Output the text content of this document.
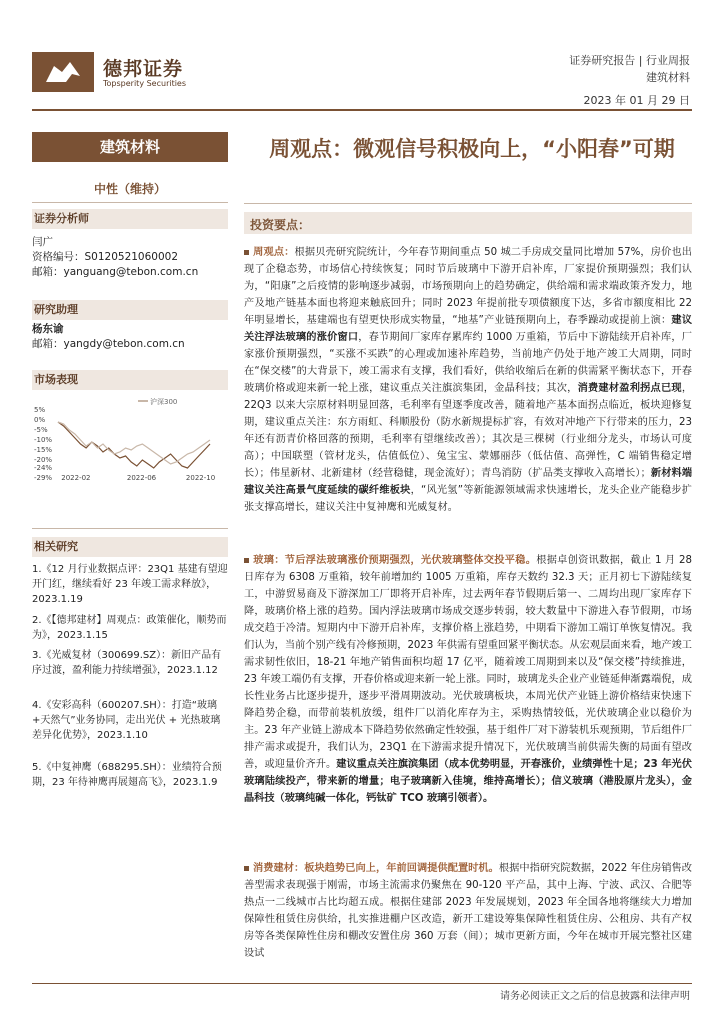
德邦证券
Topsperity Securities
证券研究报告 | 行业周报
建筑材料
2023 年 01 月 29 日
建筑材料
中性（维持）
证券分析师
闫广
资格编号：S0120521060002
邮箱：yanguang@tebon.com.cn
研究助理
杨东谕
邮箱：yangdy@tebon.com.cn
市场表现
5%
0%
-5%
-10%
-15%
-20%
-24%
-29% 2022-02	2022-06	2022-10
沪深300
相关研究
1.《12 月行业数据点评：23Q1 基建有望迎开门红，继续看好 23 年竣工需求释放》，2023.1.19
2.《【德邦建材】周观点：政策催化，顺势而为》，2023.1.15
3.《光威复材（300699.SZ）：新旧产品有序过渡，盈利能力持续增强》，2023.1.12
4.《安彩高科（600207.SH）：打造“玻璃+天然气”业务协同，走出光伏 + 光热玻璃差异化优势》，2023.1.10
5.《中复神鹰（688295.SH）：业绩符合预期，23 年待神鹰再展翅高飞》，2023.1.9
周观点：微观信号积极向上，“小阳春”可期
投资要点：
周观点：根据贝壳研究院统计，今年春节期间重点 50 城二手房成交量同比增加 57%，房价也出现了企稳态势，市场信心持续恢复；同时节后玻璃中下游开启补库，厂家提价预期强烈；我们认为，“阳康”之后疫情的影响逐步减弱，市场预期向上的趋势确定，供给端和需求端政策齐发力，地产及地产链基本面也将迎来触底回升；同时 2023 年提前批专项债额度下达，多省市额度相比 22 年明显增长，基建端也有望更快形成实物量，“地基”产业链预期向上，春季躁动或提前上演：建议关注浮法玻璃的涨价窗口，春节期间厂家库存累库约 1000 万重箱，节后中下游陆续开启补库，厂家涨价预期强烈，“买涨不买跌”的心理或加速补库趋势，当前地产仍处于地产竣工大周期，同时在“保交楼”的大背景下，竣工需求有支撑，我们看好，供给收缩后在新的供需紧平衡状态下，开春玻璃价格或迎来新一轮上涨，建议重点关注旗滨集团，金晶科技；其次，消费建材盈利拐点已现，22Q3 以来大宗原材料明显回落，毛利率有望逐季度改善，随着地产基本面拐点临近，板块迎修复期，建议重点关注：东方雨虹、科顺股份（防水新规提标扩容，有效对冲地产下行带来的压力，23 年还有沥青价格回落的预期，毛利率有望继续改善）；其次是三棵树（行业细分龙头，市场认可度高）；中国联塑（管材龙头，估值低位）、兔宝宝、蒙娜丽莎（低估值、高弹性，C 端销售稳定增长）；伟星新材、北新建材（经营稳健，现金流好）；青鸟消防（扩品类支撑收入高增长）；新材料端建议关注高景气度延续的碳纤维板块，“风光氢”等新能源领域需求快速增长，龙头企业产能稳步扩张支撑高增长，建议关注中复神鹰和光威复材。
玻璃：节后浮法玻璃涨价预期强烈，光伏玻璃整体交投平稳。根据卓创资讯数据，截止 1 月 28 日库存为 6308 万重箱，较年前增加约 1005 万重箱，库存天数约 32.3 天；正月初七下游陆续复工，中游贸易商及下游深加工厂即将开启补库，过去两年春节假期后第一、二周均出现厂家库存下降，玻璃价格上涨的趋势。国内浮法玻璃市场成交逐步转弱，较大数量中下游进入春节假期，市场成交趋于冷清。短期内中下游开启补库，支撑价格上涨趋势，中期看下游加工端订单恢复情况。我们认为，当前个别产线有冷修预期，2023 年供需有望重回紧平衡状态。从宏观层面来看，地产竣工需求韧性依旧，18-21 年地产销售面积均超 17 亿平，随着竣工周期到来以及“保交楼”持续推进，23 年竣工端仍有支撑，开春价格或迎来新一轮上涨。同时，玻璃龙头企业产业链延伸渐露端倪，成长性业务占比逐步提升，逐步平滑周期波动。光伏玻璃板块，本周光伏产业链上游价格结束快速下降趋势企稳，而带前装机放缓，组件厂以消化库存为主，采购热情较低，光伏玻璃企业以稳价为主。23 年产业链上游成本下降趋势依然确定性较强，基于组件厂对下游装机乐观预期，节后组件厂排产需求或提升，我们认为，23Q1 在下游需求提升情况下，光伏玻璃当前供需失衡的局面有望改善，或迎量价齐升。建议重点关注旗滨集团（成本优势明显，开春涨价，业绩弹性十足；23 年光伏玻璃陆续投产，带来新的增量；电子玻璃新入佳境，维持高增长）；信义玻璃（港股原片龙头），金晶科技（玻璃纯碱一体化，钙钛矿 TCO 玻璃引领者）。
消费建材：板块趋势已向上，年前回调提供配置时机。根据中指研究院数据，2022 年住房销售改善型需求表现强于刚需，市场主流需求仍聚焦在 90-120 平产品，其中上海、宁波、武汉、合肥等热点一二线城市占比均超五成。根据住建部 2023 年发展规划，2023 年全国各地将继续大力增加保障性租赁住房供给，扎实推进棚户区改造，新开工建设筹集保障性租赁住房、公租房、共有产权房等各类保障性住房和棚改安置住房 360 万套（间）；城市更新方面，今年在城市开展完整社区建设试
请务必阅读正文之后的信息披露和法律声明
